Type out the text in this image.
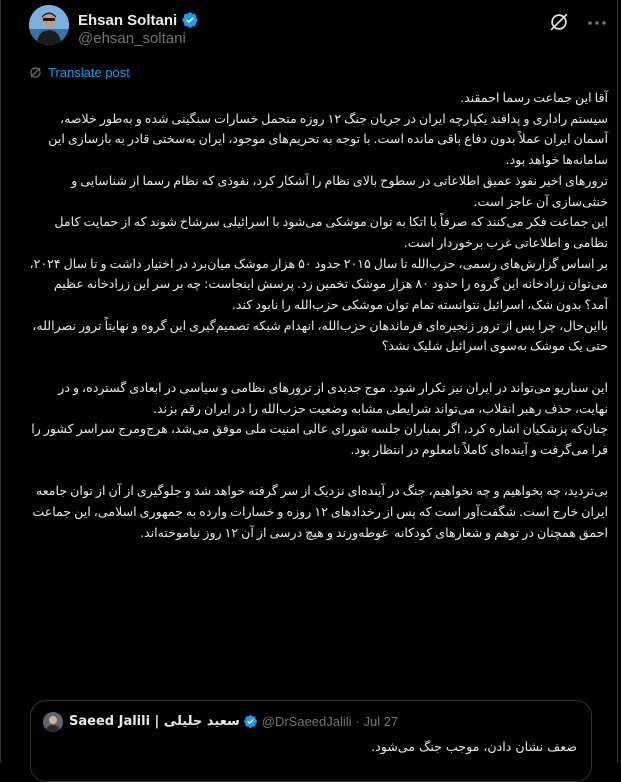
Ehsan Soltani
@ehsan_soltani
Translate post
آقا این جماعت رسما احمقند.
سیستم راداری و پدافند یکپارچه ایران در جریان جنگ ۱۲ روزه متحمل خسارات سنگینی شده و به‌طور خلاصه، آسمان ایران عملاً بدون دفاع باقی مانده است. با توجه به تحریم‌های موجود، ایران به‌سختی قادر به بازسازی این سامانه‌ها خواهد بود.
ترورهای اخیر نفوذ عمیق اطلاعاتی در سطوح بالای نظام را آشکار کرد، نفوذی که نظام رسما از شناسایی و خنثی‌سازی آن عاجز است.
این جماعت فکر می‌کنند که صرفاً با اتکا به توان موشکی می‌شود با اسرائیلی سرشاخ شوند که از حمایت کامل نظامی و اطلاعاتی غرب برخوردار است.
بر اساس گزارش‌های رسمی، حزب‌الله تا سال ۲۰۱۵ حدود ۵۰ هزار موشک میان‌برد در اختیار داشت و تا سال ۲۰۲۴، می‌توان زرادخانه این گروه را حدود ۸۰ هزار موشک تخمین زد. پرسش اینجاست: چه بر سر این زرادخانه عظیم آمد؟ بدون شک، اسرائیل نتوانسته تمام توان موشکی حزب‌الله را نابود کند.
بااین‌حال، چرا پس از ترور زنجیره‌ای فرماندهان حزب‌الله، انهدام شبکه تصمیم‌گیری این گروه و نهایتاً ترور نصرالله، حتی یک موشک به‌سوی اسرائیل شلیک نشد؟

این سناریو می‌تواند در ایران نیز تکرار شود. موج جدیدی از ترورهای نظامی و سیاسی در ابعادی گسترده، و در نهایت، حذف رهبر انقلاب، می‌تواند شرایطی مشابه وضعیت حزب‌الله را در ایران رقم بزند.
چنان‌که پزشکیان اشاره کرد، اگر بمباران جلسه شورای عالی امنیت ملی موفق می‌شد، هرج‌ومرج سراسر کشور را فرا می‌گرفت و آینده‌ای کاملاً نامعلوم در انتظار بود.

بی‌تردید، چه بخواهیم و چه نخواهیم، جنگ در آینده‌ای نزدیک از سر گرفته خواهد شد و جلوگیری از آن از توان جامعه ایران خارج است. شگفت‌آور است که پس از رخدادهای ۱۲ روزه و خسارات وارده به جمهوری اسلامی، این جماعت احمق همچنان در توهم و شعارهای کودکانه  غوطه‌ورند و هیچ درسی از آن ۱۲ روز نیاموخته‌اند.
Saeed Jalili | سعید جلیلی @DrSaeedJalili · Jul 27
ضعف نشان دادن، موجب جنگ می‌شود.
